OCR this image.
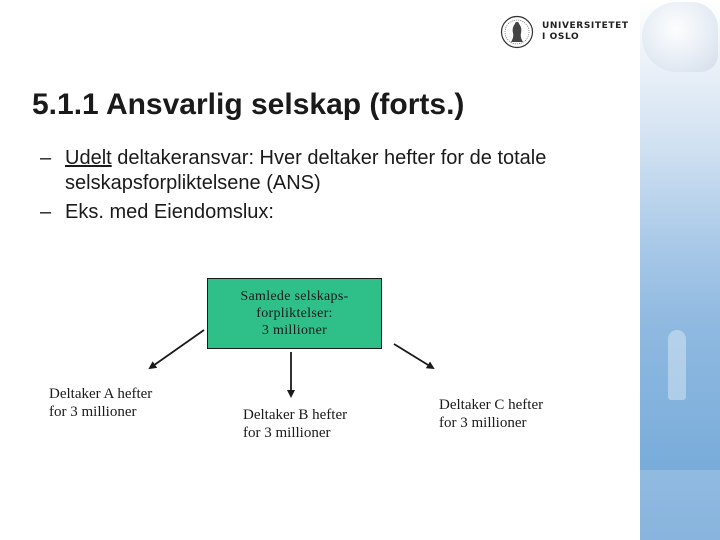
UNIVERSITETET
I OSLO
5.1.1 Ansvarlig selskap (forts.)
– Udelt deltakeransvar: Hver deltaker hefter for de totale selskapsforpliktelsene (ANS)
– Eks. med Eiendomslux:
Samlede selskaps-
forpliktelser:
3 millioner
Deltaker A hefter
for 3 millioner	Deltaker B hefter
for 3 millioner
Deltaker C hefter
for 3 millioner
